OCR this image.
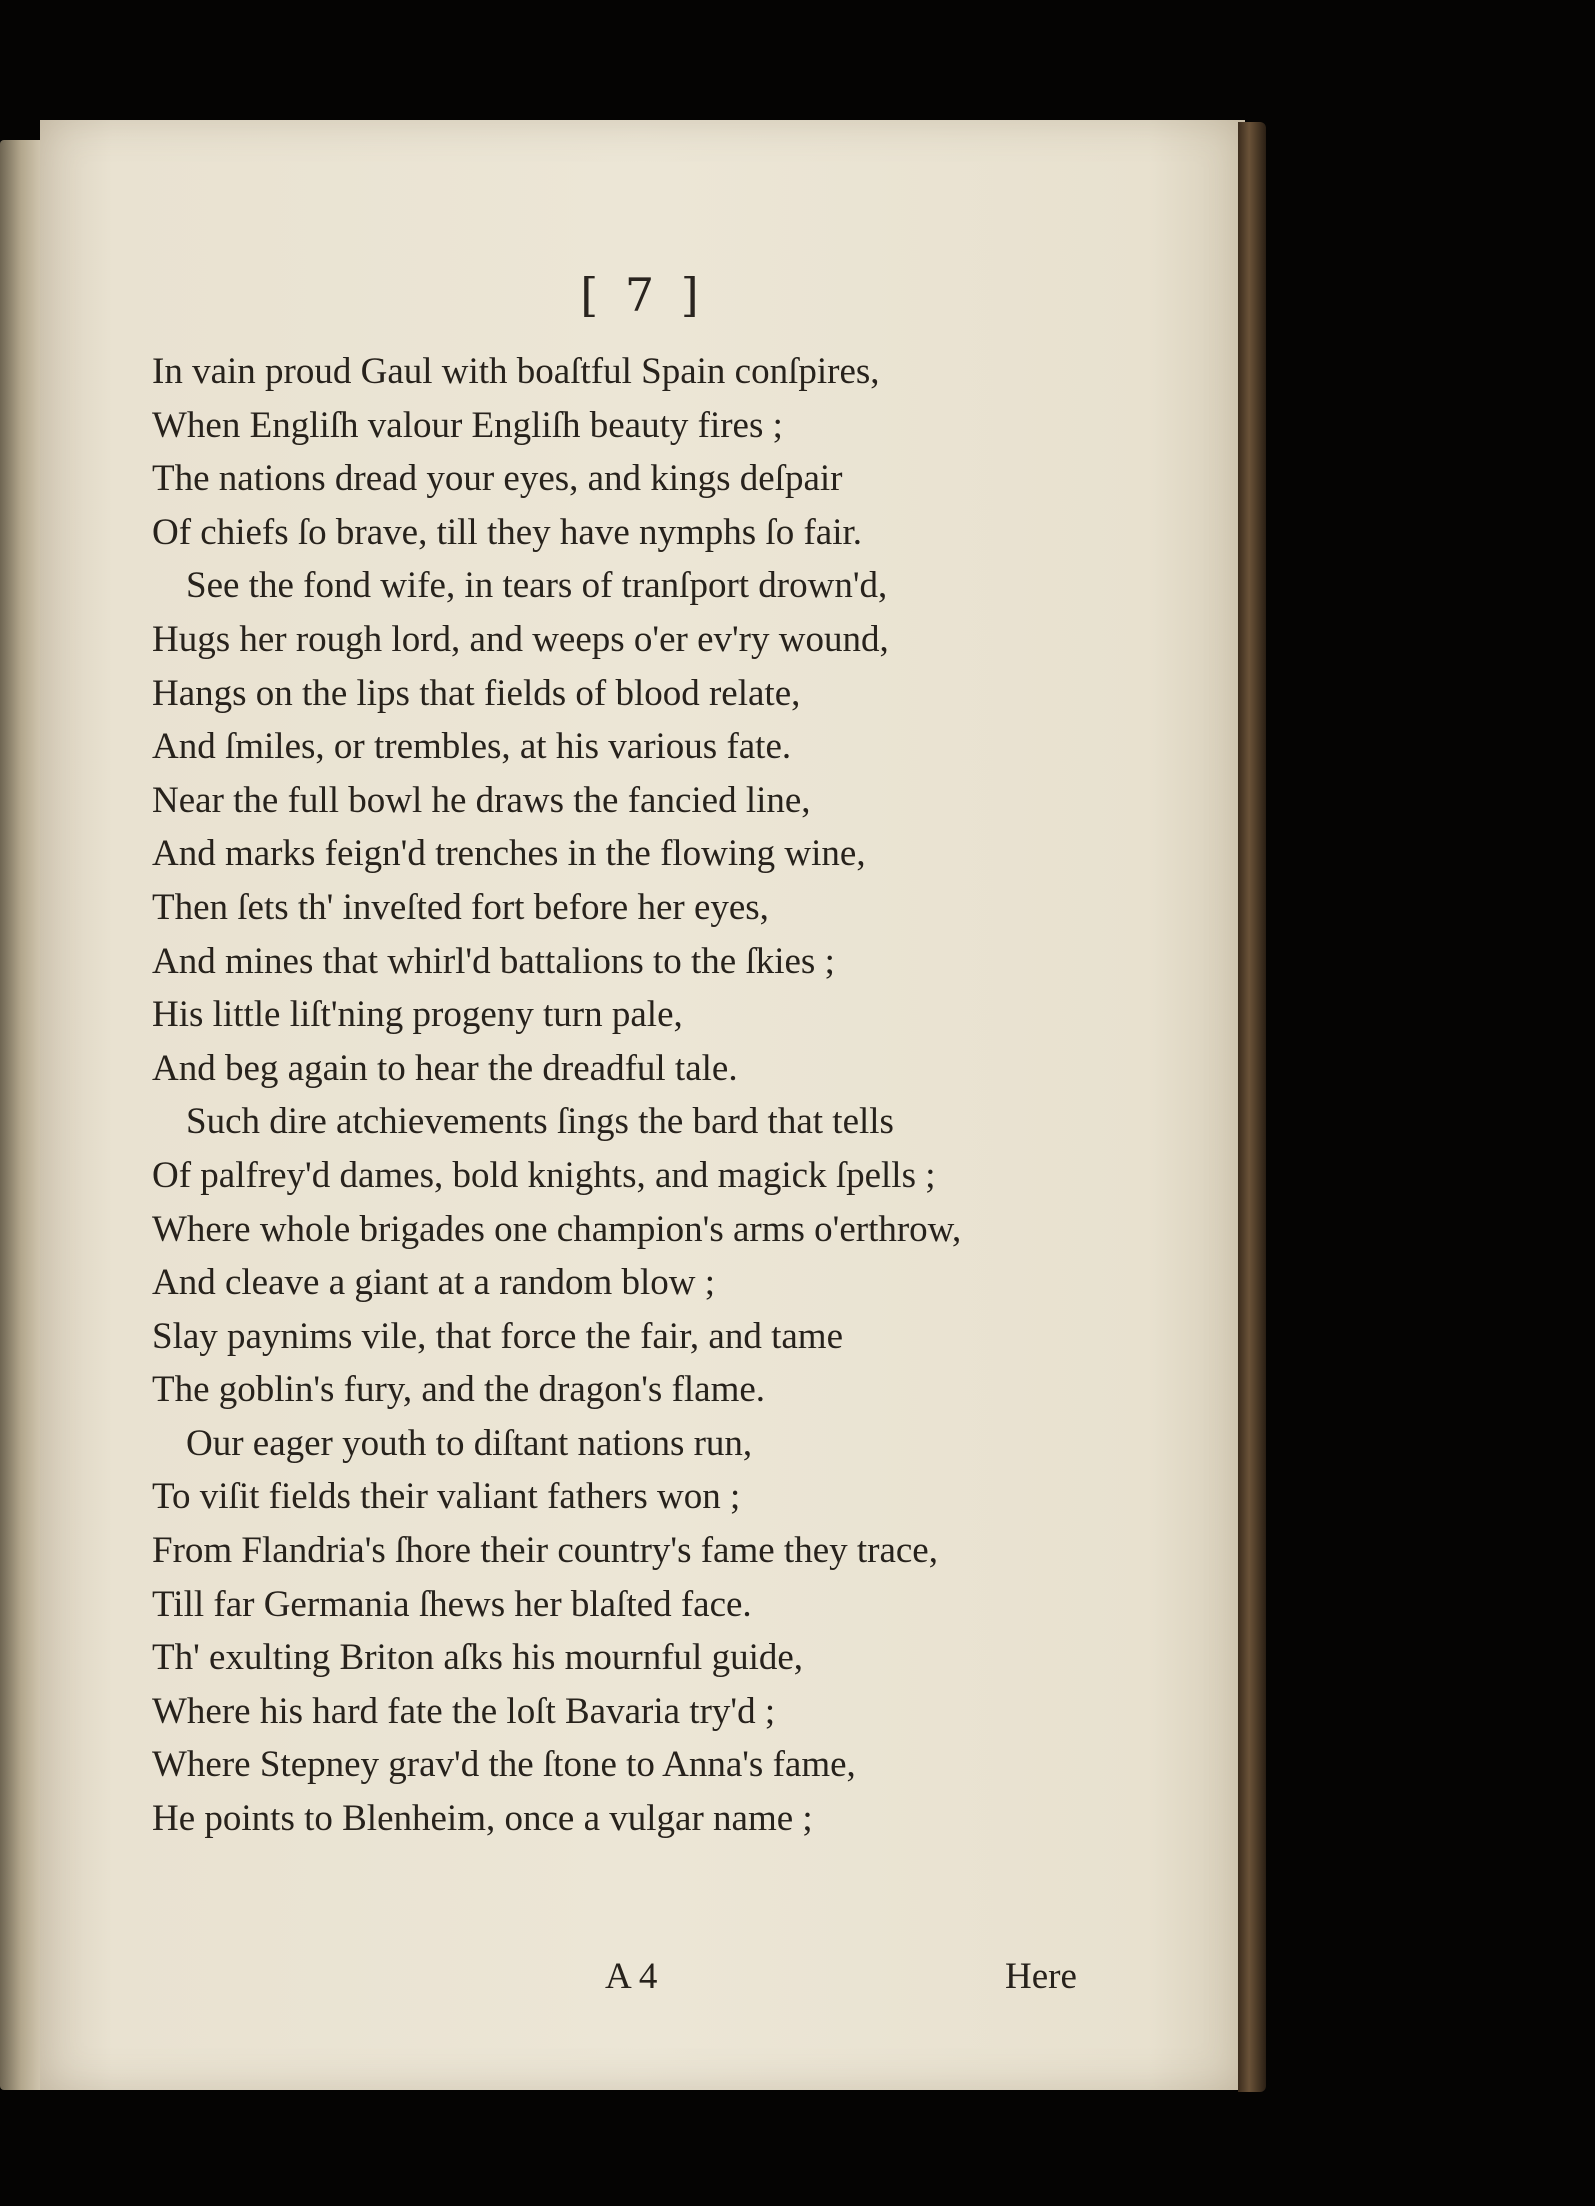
[ 7 ]
In vain proud Gaul with boaſtful Spain conſpires,
When Engliſh valour Engliſh beauty fires ;
The nations dread your eyes, and kings deſpair
Of chiefs ſo brave, till they have nymphs ſo fair.
See the fond wife, in tears of tranſport drown'd,
Hugs her rough lord, and weeps o'er ev'ry wound,
Hangs on the lips that fields of blood relate,
And ſmiles, or trembles, at his various fate.
Near the full bowl he draws the fancied line,
And marks feign'd trenches in the flowing wine,
Then ſets th' inveſted fort before her eyes,
And mines that whirl'd battalions to the ſkies ;
His little liſt'ning progeny turn pale,
And beg again to hear the dreadful tale.
Such dire atchievements ſings the bard that tells
Of palfrey'd dames, bold knights, and magick ſpells ;
Where whole brigades one champion's arms o'erthrow,
And cleave a giant at a random blow ;
Slay paynims vile, that force the fair, and tame
The goblin's fury, and the dragon's flame.
Our eager youth to diſtant nations run,
To viſit fields their valiant fathers won ;
From Flandria's ſhore their country's fame they trace,
Till far Germania ſhews her blaſted face.
Th' exulting Briton aſks his mournful guide,
Where his hard fate the loſt Bavaria try'd ;
Where Stepney grav'd the ſtone to Anna's fame,
He points to Blenheim, once a vulgar name ;
A 4	Here
